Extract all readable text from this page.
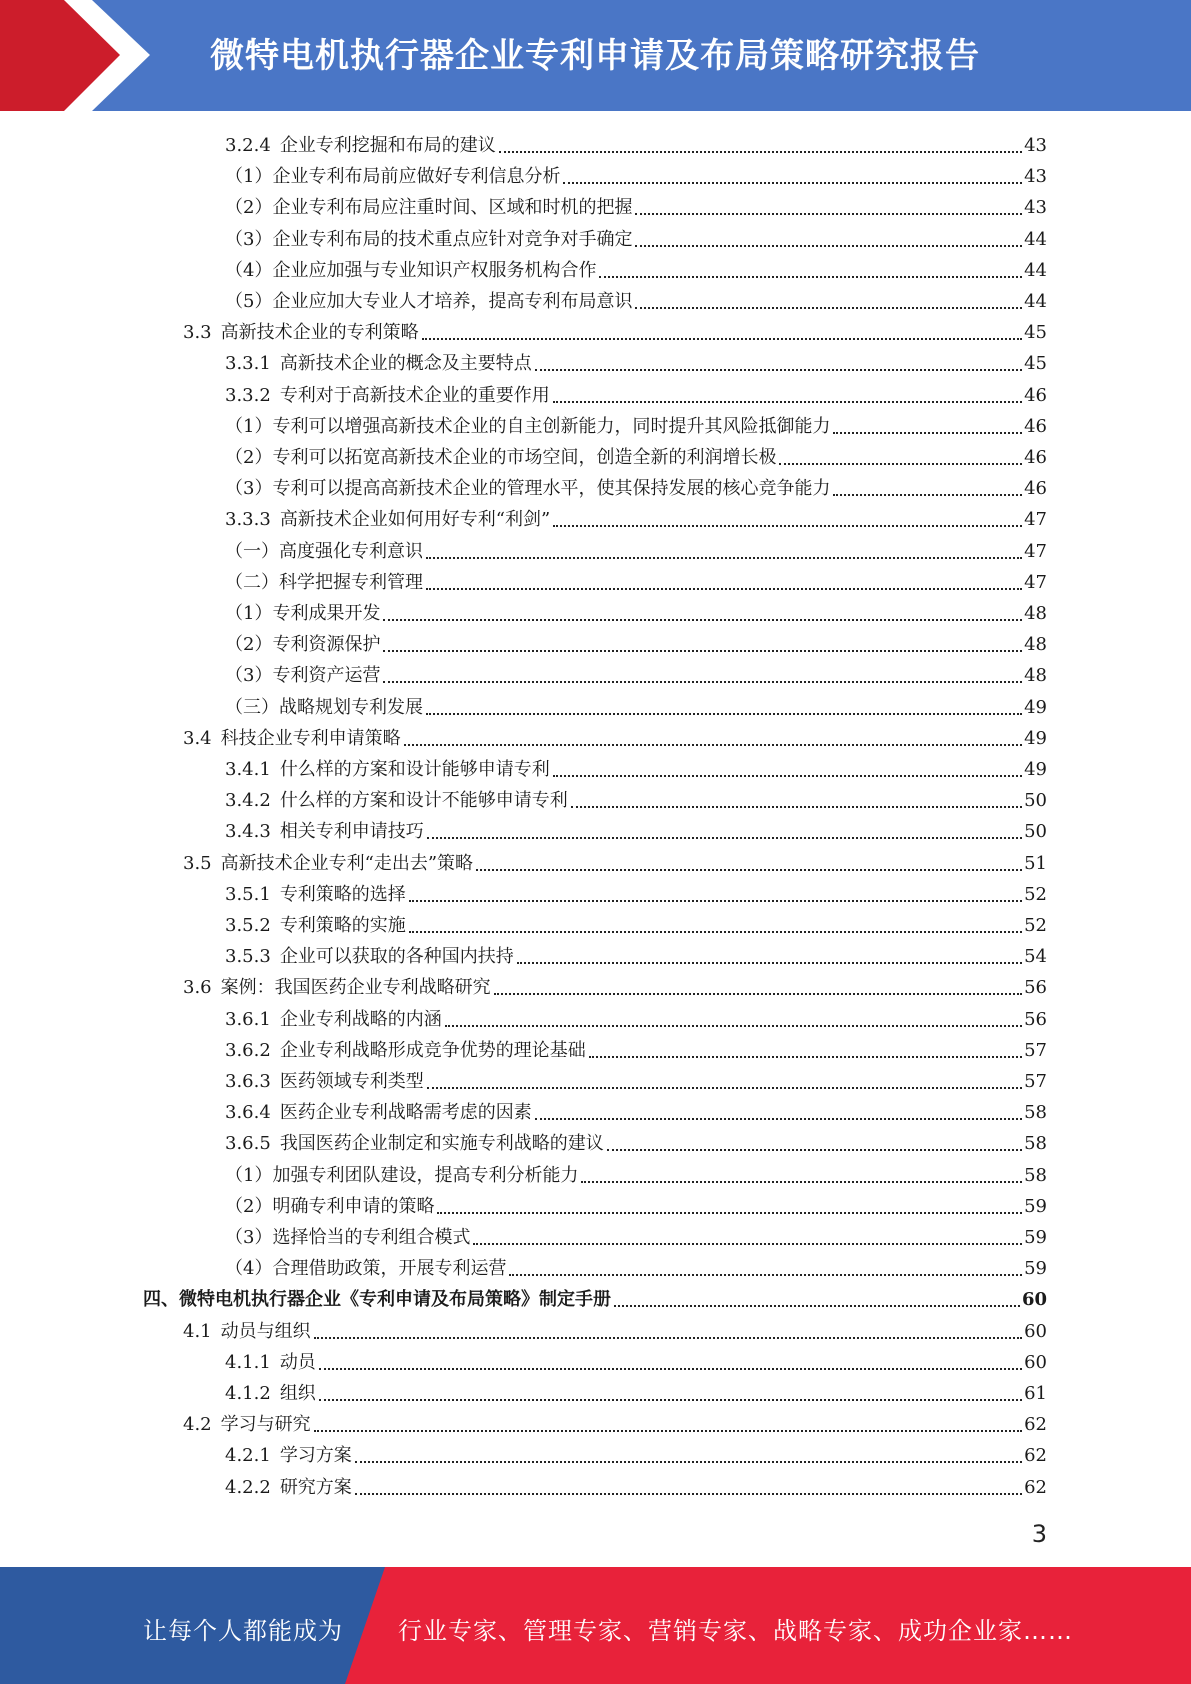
微特电机执行器企业专利申请及布局策略研究报告
3.2.4 企业专利挖掘和布局的建议	43
（1）企业专利布局前应做好专利信息分析	43
（2）企业专利布局应注重时间、区域和时机的把握	43
（3）企业专利布局的技术重点应针对竞争对手确定	44
（4）企业应加强与专业知识产权服务机构合作	44
（5）企业应加大专业人才培养，提高专利布局意识	44
3.3 高新技术企业的专利策略	45
3.3.1 高新技术企业的概念及主要特点	45
3.3.2 专利对于高新技术企业的重要作用	46
（1）专利可以增强高新技术企业的自主创新能力，同时提升其风险抵御能力	46
（2）专利可以拓宽高新技术企业的市场空间，创造全新的利润增长极	46
（3）专利可以提高高新技术企业的管理水平，使其保持发展的核心竞争能力	46
3.3.3 高新技术企业如何用好专利“利剑”	47
（一）高度强化专利意识	47
（二）科学把握专利管理	47
（1）专利成果开发	48
（2）专利资源保护	48
（3）专利资产运营	48
（三）战略规划专利发展	49
3.4 科技企业专利申请策略	49
3.4.1 什么样的方案和设计能够申请专利	49
3.4.2 什么样的方案和设计不能够申请专利	50
3.4.3 相关专利申请技巧	50
3.5 高新技术企业专利“走出去”策略	51
3.5.1 专利策略的选择	52
3.5.2 专利策略的实施	52
3.5.3 企业可以获取的各种国内扶持	54
3.6 案例：我国医药企业专利战略研究	56
3.6.1 企业专利战略的内涵	56
3.6.2 企业专利战略形成竞争优势的理论基础	57
3.6.3 医药领域专利类型	57
3.6.4 医药企业专利战略需考虑的因素	58
3.6.5 我国医药企业制定和实施专利战略的建议	58
（1）加强专利团队建设，提高专利分析能力	58
（2）明确专利申请的策略	59
（3）选择恰当的专利组合模式	59
（4）合理借助政策，开展专利运营	59
四、微特电机执行器企业《专利申请及布局策略》制定手册	60
4.1 动员与组织	60
4.1.1 动员	60
4.1.2 组织	61
4.2 学习与研究	62
4.2.1 学习方案	62
4.2.2 研究方案	62
3
让每个人都能成为 行业专家、管理专家、营销专家、战略专家、成功企业家……
